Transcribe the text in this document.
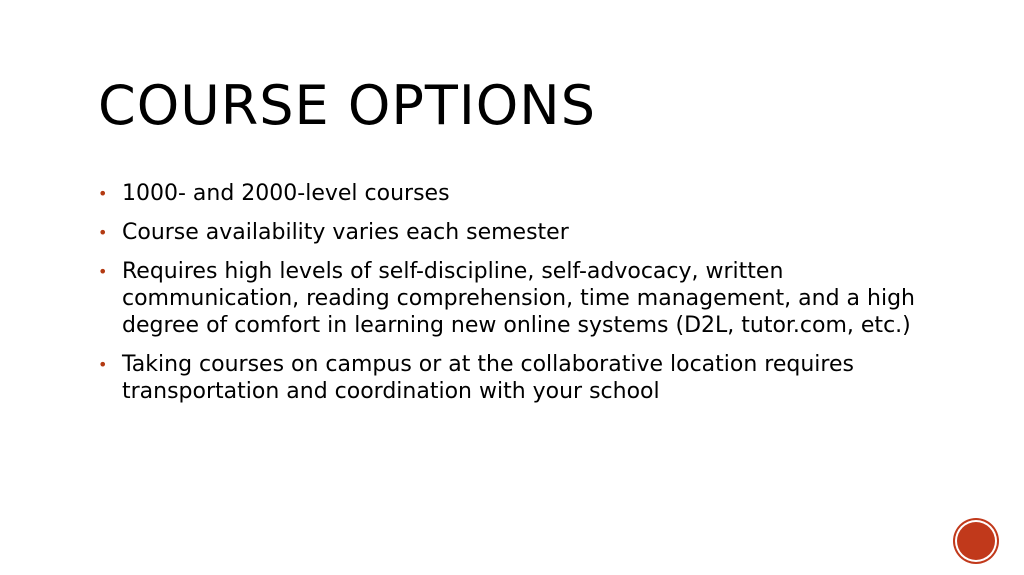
COURSE OPTIONS
• 1000- and 2000-level courses
• Course availability varies each semester
• Requires high levels of self-discipline, self-advocacy, written communication, reading comprehension, time management, and a high degree of comfort in learning new online systems (D2L, tutor.com, etc.)
• Taking courses on campus or at the collaborative location requires transportation and coordination with your school
